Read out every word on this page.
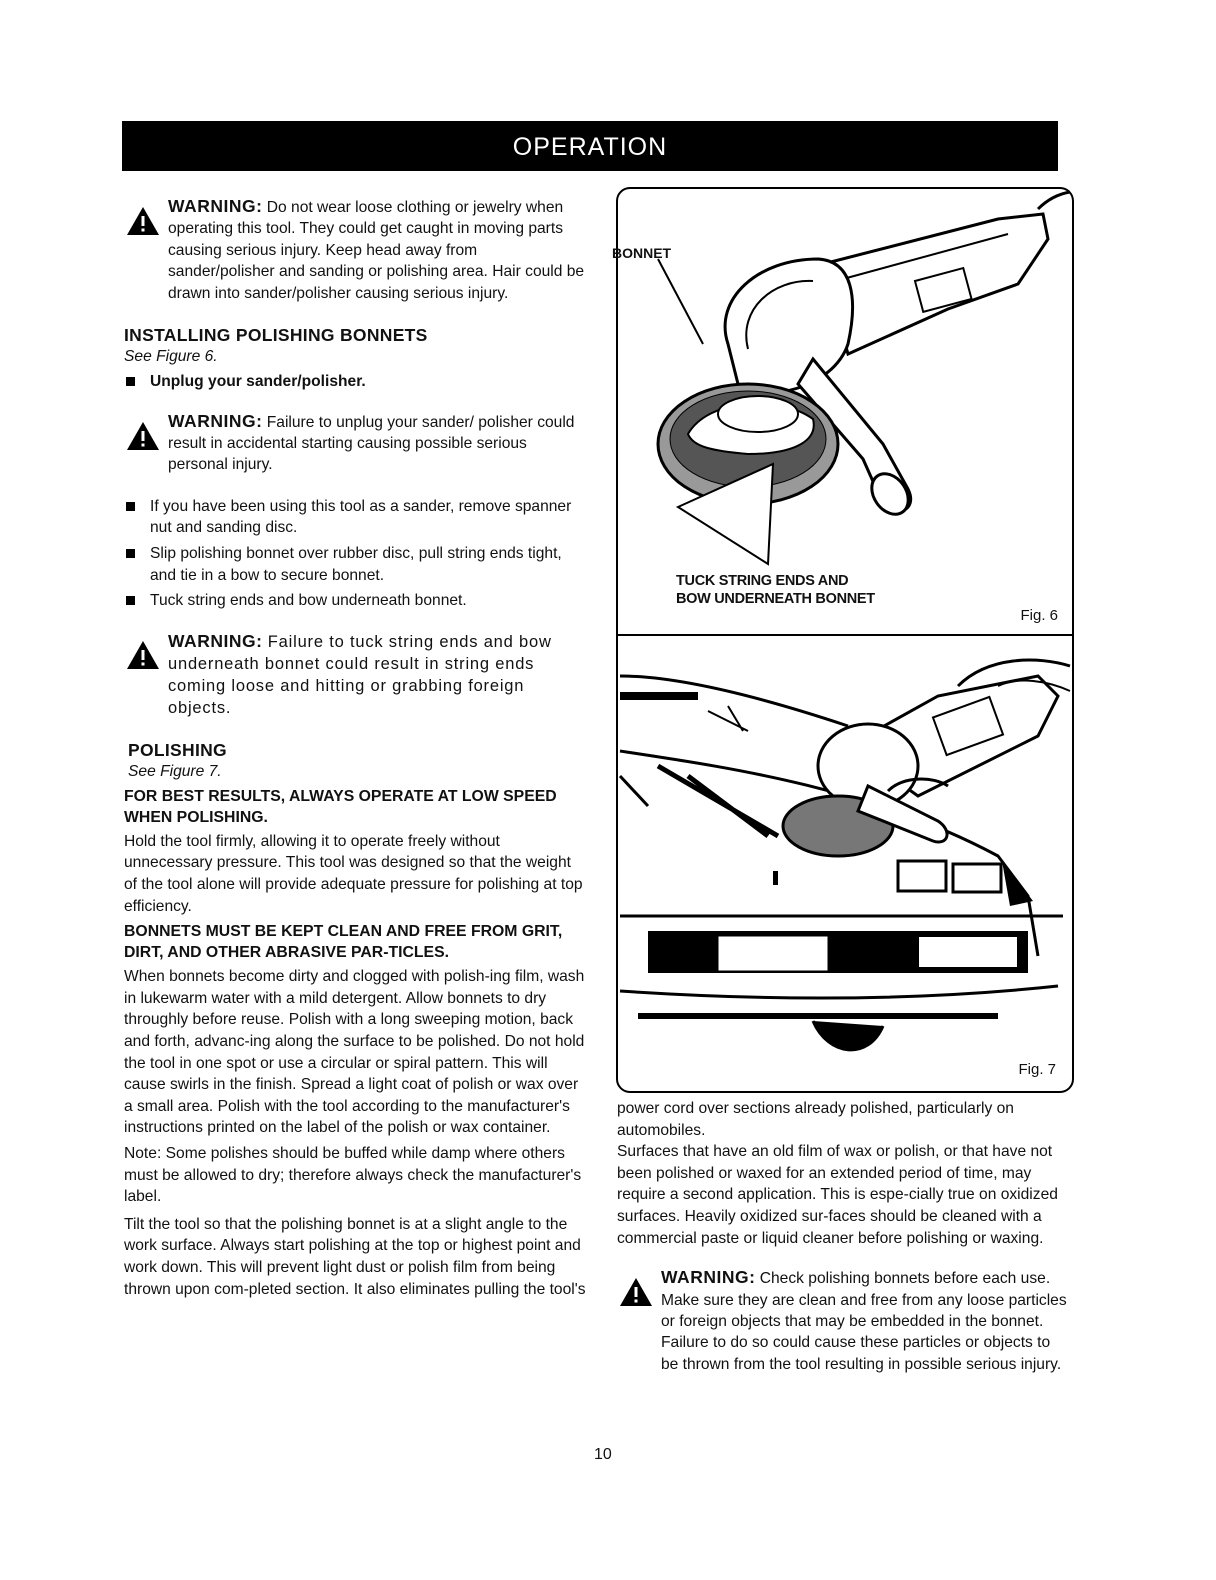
OPERATION

WARNING: Do not wear loose clothing or jewelry when operating this tool. They could get caught in moving parts causing serious injury. Keep head away from sander/polisher and sanding or polishing area. Hair could be drawn into sander/polisher causing serious injury.

INSTALLING POLISHING BONNETS

See Figure 6.

Unplug your sander/polisher.

WARNING: Failure to unplug your sander/ polisher could result in accidental starting causing possible serious personal injury.

If you have been using this tool as a sander, remove spanner nut and sanding disc.

Slip polishing bonnet over rubber disc, pull string ends tight, and tie in a bow to secure bonnet.

Tuck string ends and bow underneath bonnet.

WARNING: Failure to tuck string ends and bow underneath bonnet could result in string ends coming loose and hitting or grabbing foreign objects.

POLISHING

See Figure 7.

FOR BEST RESULTS, ALWAYS OPERATE AT LOW SPEED WHEN POLISHING.

Hold the tool firmly, allowing it to operate freely without unnecessary pressure. This tool was designed so that the weight of the tool alone will provide adequate pressure for polishing at top efficiency.

BONNETS MUST BE KEPT CLEAN AND FREE FROM GRIT, DIRT, AND OTHER ABRASIVE PAR-TICLES.

When bonnets become dirty and clogged with polish-ing film, wash in lukewarm water with a mild detergent. Allow bonnets to dry throughly before reuse. Polish with a long sweeping motion, back and forth, advanc-ing along the surface to be polished. Do not hold the tool in one spot or use a circular or spiral pattern. This will cause swirls in the finish. Spread a light coat of polish or wax over a small area. Polish with the tool according to the manufacturer's instructions printed on the label of the polish or wax container.

Note: Some polishes should be buffed while damp where others must be allowed to dry; therefore always check the manufacturer's label.

Tilt the tool so that the polishing bonnet is at a slight angle to the work surface. Always start polishing at the top or highest point and work down. This will prevent light dust or polish film from being thrown upon com-pleted section. It also eliminates pulling the tool's

BONNET
TUCK STRING ENDS AND
BOW UNDERNEATH BONNET
Fig. 6
Fig. 7

power cord over sections already polished, particularly on automobiles.

Surfaces that have an old film of wax or polish, or that have not been polished or waxed for an extended period of time, may require a second application. This is espe-cially true on oxidized surfaces. Heavily oxidized sur-faces should be cleaned with a commercial paste or liquid cleaner before polishing or waxing.

WARNING: Check polishing bonnets before each use. Make sure they are clean and free from any loose particles or foreign objects that may be embedded in the bonnet. Failure to do so could cause these particles or objects to be thrown from the tool resulting in possible serious injury.

10
